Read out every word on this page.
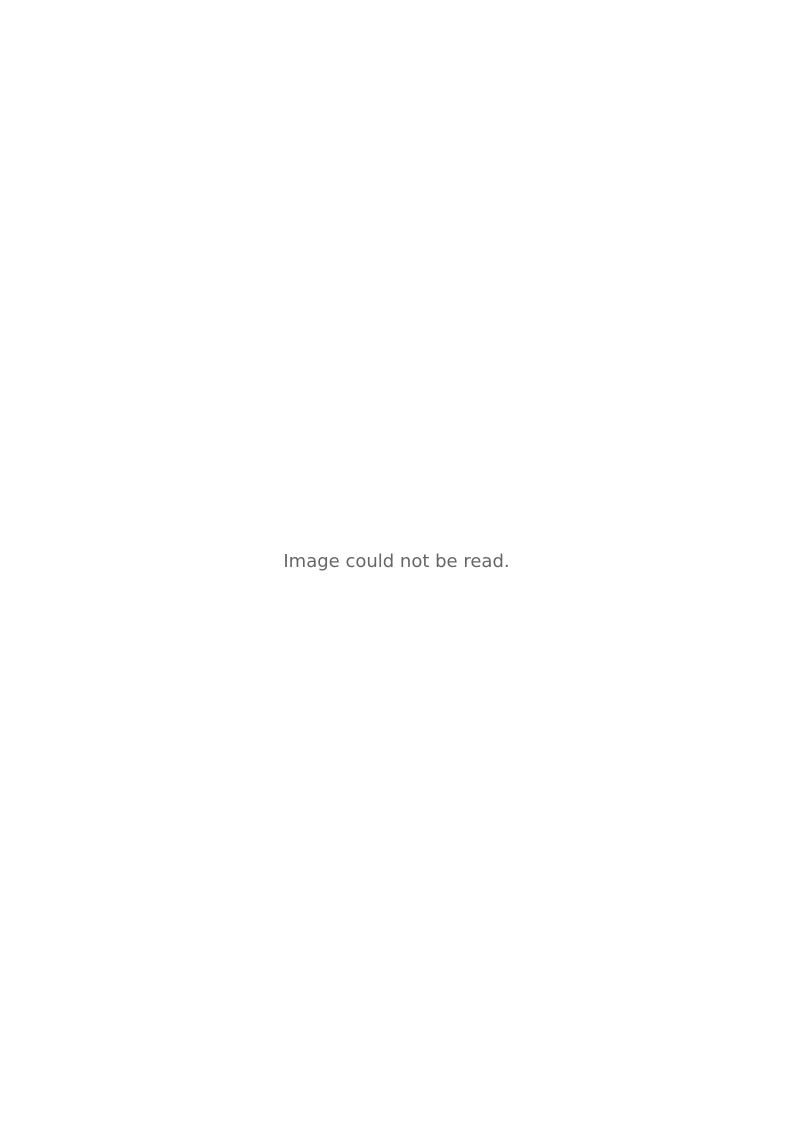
Image could not be read.
